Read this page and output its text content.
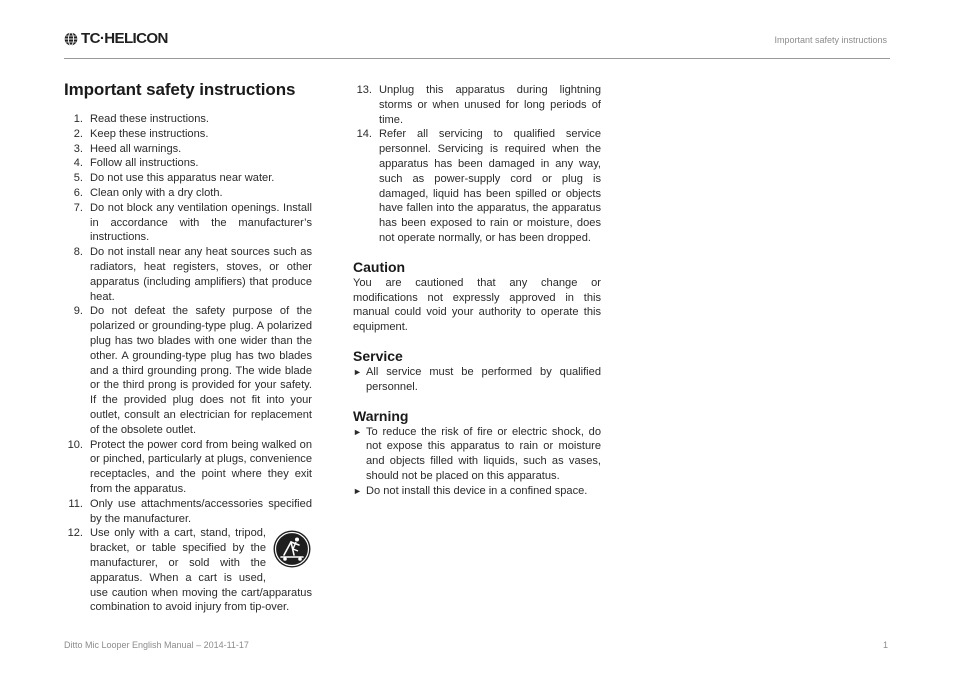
TC·HELICON	Important safety instructions
Important safety instructions
1. Read these instructions.
2. Keep these instructions.
3. Heed all warnings.
4. Follow all instructions.
5. Do not use this apparatus near water.
6. Clean only with a dry cloth.
7. Do not block any ventilation openings. Install in accordance with the manufacturer’s instructions.
8. Do not install near any heat sources such as radiators, heat registers, stoves, or other apparatus (including amplifiers) that produce heat.
9. Do not defeat the safety purpose of the polarized or grounding-type plug. A polarized plug has two blades with one wider than the other. A grounding-type plug has two blades and a third grounding prong. The wide blade or the third prong is provided for your safety. If the provided plug does not fit into your outlet, consult an electrician for replacement of the obsolete outlet.
10. Protect the power cord from being walked on or pinched, particularly at plugs, convenience receptacles, and the point where they exit from the apparatus.
11. Only use attachments/accessories specified by the manufacturer.
12. Use only with a cart, stand, tripod, bracket, or table specified by the manufacturer, or sold with the apparatus. When a cart is used, use caution when moving the cart/apparatus combination to avoid injury from tip-over.
13. Unplug this apparatus during lightning storms or when unused for long periods of time.
14. Refer all servicing to qualified service personnel. Servicing is required when the apparatus has been damaged in any way, such as power-supply cord or plug is damaged, liquid has been spilled or objects have fallen into the apparatus, the apparatus has been exposed to rain or moisture, does not operate normally, or has been dropped.
Caution

You are cautioned that any change or modifications not expressly approved in this manual could void your authority to operate this equipment.

Service
► All service must be performed by qualified personnel.
Warning
► To reduce the risk of fire or electric shock, do not expose this apparatus to rain or moisture and objects filled with liquids, such as vases, should not be placed on this apparatus.
► Do not install this device in a confined space.
Ditto Mic Looper English Manual – 2014-11-17	1
